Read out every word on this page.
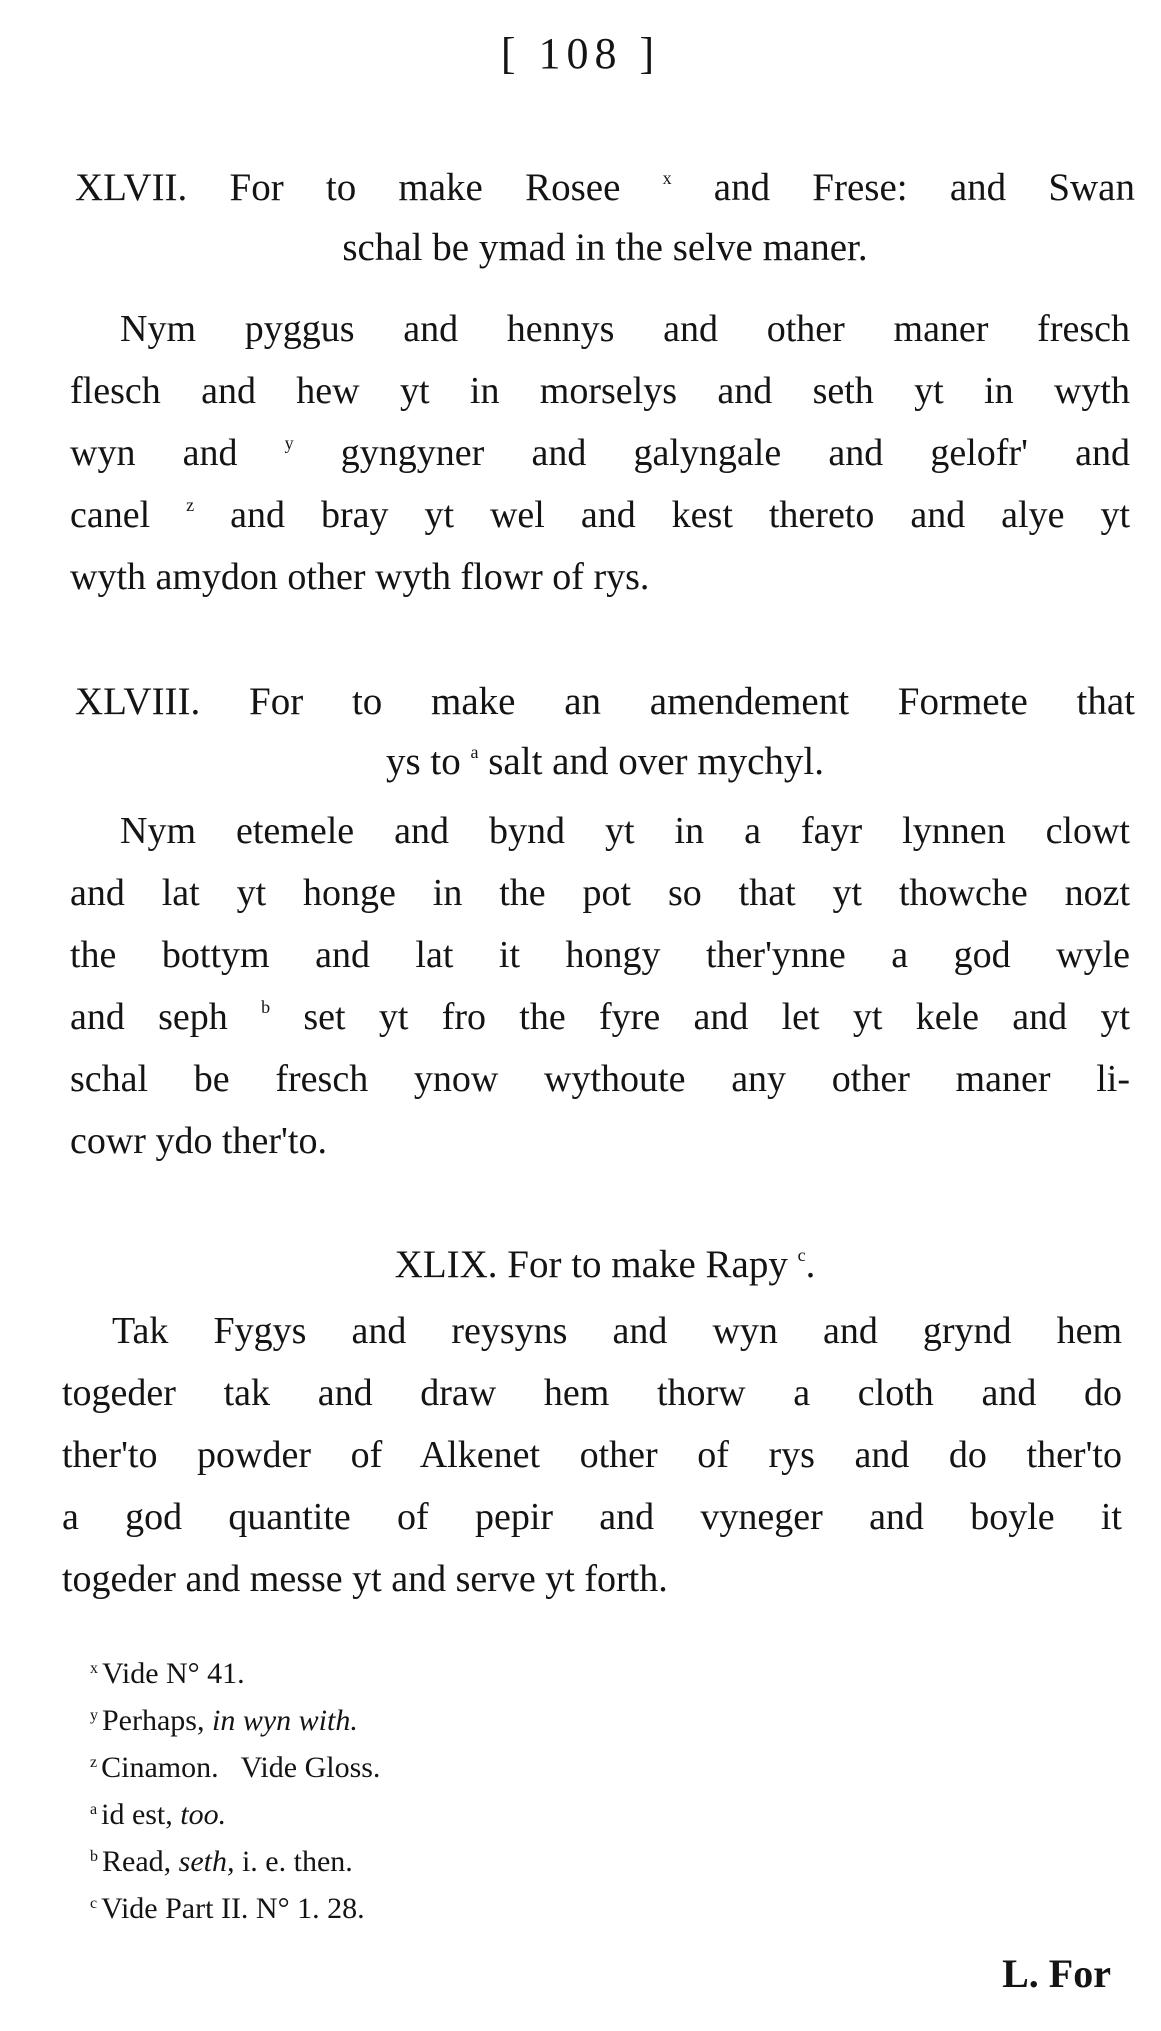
[ 108 ]
XLVII. For to make Rosee $^x$ and Frese: and Swan
schal be ymad in the selve maner.
Nym pyggus and hennys and other maner fresch
flesch and hew yt in morselys and seth yt in wyth
wyn and $^y$ gyngyner and galyngale and gelofr' and
canel $^z$ and bray yt wel and kest thereto and alye yt
wyth amydon other wyth flowr of rys.
XLVIII. For to make an amendement Formete that
ys to $^a$ salt and over mychyl.
Nym etemele and bynd yt in a fayr lynnen clowt
and lat yt honge in the pot so that yt thowche nozt
the bottym and lat it hongy ther'ynne a god wyle
and seph $^b$ set yt fro the fyre and let yt kele and yt
schal be fresch ynow wythoute any other maner li-
cowr ydo ther'to.
XLIX. For to make Rapy $^c$.
Tak Fygys and reysyns and wyn and grynd hem
togeder tak and draw hem thorw a cloth and do
ther'to powder of Alkenet other of rys and do ther'to
a god quantite of pepir and vyneger and boyle it
togeder and messe yt and serve yt forth.
$^x$ Vide N° 41.
$^y$ Perhaps, in wyn with.
$^z$ Cinamon.   Vide Gloss.
$^a$ id est, too.
$^b$ Read, seth, i. e. then.
$^c$ Vide Part II. N° 1. 28.
L. For
